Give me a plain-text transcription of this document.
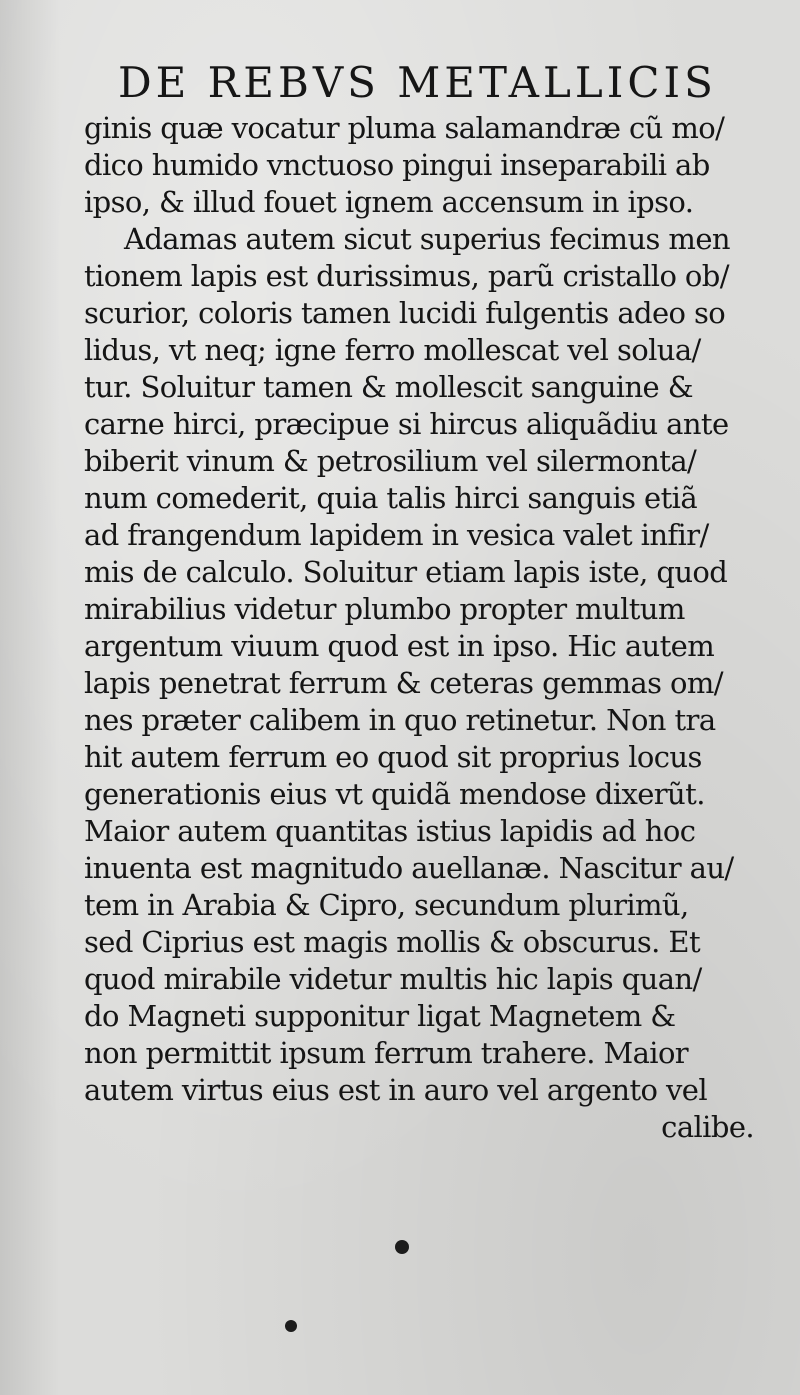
DE REBVS METALLICIS
ginis quæ vocatur pluma salamandræ cũ mo/
dico humido vnctuoso pingui inseparabili ab
ipso, & illud fouet ignem accensum in ipso.
Adamas autem sicut superius fecimus men
tionem lapis est durissimus, parũ cristallo ob/
scurior, coloris tamen lucidi fulgentis adeo so
lidus, vt neq; igne ferro mollescat vel solua/
tur. Soluitur tamen & mollescit sanguine &
carne hirci, præcipue si hircus aliquãdiu ante
biberit vinum & petrosilium vel silermonta/
num comederit, quia talis hirci sanguis etiã
ad frangendum lapidem in vesica valet infir/
mis de calculo. Soluitur etiam lapis iste, quod
mirabilius videtur plumbo propter multum
argentum viuum quod est in ipso. Hic autem
lapis penetrat ferrum & ceteras gemmas om/
nes præter calibem in quo retinetur. Non tra
hit autem ferrum eo quod sit proprius locus
generationis eius vt quidã mendose dixerũt.
Maior autem quantitas istius lapidis ad hoc
inuenta est magnitudo auellanæ. Nascitur au/
tem in Arabia & Cipro, secundum plurimũ,
sed Ciprius est magis mollis & obscurus. Et
quod mirabile videtur multis hic lapis quan/
do Magneti supponitur ligat Magnetem &
non permittit ipsum ferrum trahere. Maior
autem virtus eius est in auro vel argento vel
calibe.
